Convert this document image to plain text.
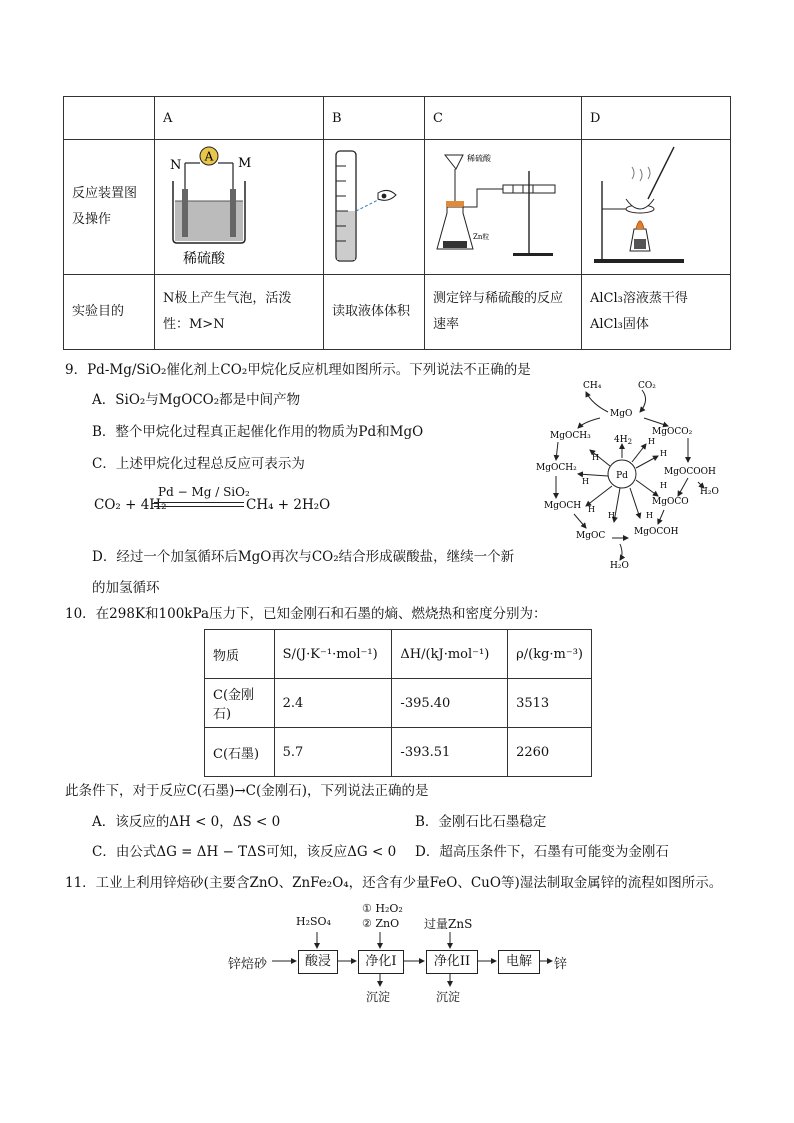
	A	B	C	D

反应装置图及操作	A
N M
稀硫酸		稀硫酸
Zn粒

实验目的	N极上产生气泡，活泼性：M>N	读取液体体积	测定锌与稀硫酸的反应速率	AlCl₃溶液蒸干得
AlCl₃固体
9．Pd-Mg/SiO₂催化剂上CO₂甲烷化反应机理如图所示。下列说法不正确的是
A．SiO₂与MgOCO₂都是中间产物
B．整个甲烷化过程真正起催化作用的物质为Pd和MgO
C．上述甲烷化过程总反应可表示为
CO₂ + 4H₂
Pd − Mg / SiO₂
CH₄ + 2H₂O
D．经过一个加氢循环后MgO再次与CO₂结合形成碳酸盐，继续一个新
的加氢循环
CH₄	CO₂
MgO
MgOCH₃	MgOCO₂
$4H_2$
MgOCH₂	MgOCOOH
H₂O
MgOCH	MgOCO
MgOCOH
MgOC
H₂O
Pd
H
H
H
H	H
H
H
H
10．在298K和100kPa压力下，已知金刚石和石墨的熵、燃烧热和密度分别为：
物质	S/(J·K⁻¹·mol⁻¹)	ΔH/(kJ·mol⁻¹)	ρ/(kg·m⁻³)
C(金刚石)	2.4	-395.40	3513
C(石墨)	5.7	-393.51	2260
此条件下，对于反应C(石墨)→C(金刚石)，下列说法正确的是
A．该反应的ΔH < 0，ΔS < 0	B．金刚石比石墨稳定
C．由公式ΔG = ΔH − TΔS可知，该反应ΔG < 0 D．超高压条件下，石墨有可能变为金刚石
11．工业上利用锌焙砂(主要含ZnO、ZnFe₂O₄，还含有少量FeO、CuO等)湿法制取金属锌的流程如图所示。
锌焙砂	酸浸	净化I	净化II	电解	锌
H₂SO₄
① H₂O₂
② ZnO 过量ZnS
沉淀	沉淀
